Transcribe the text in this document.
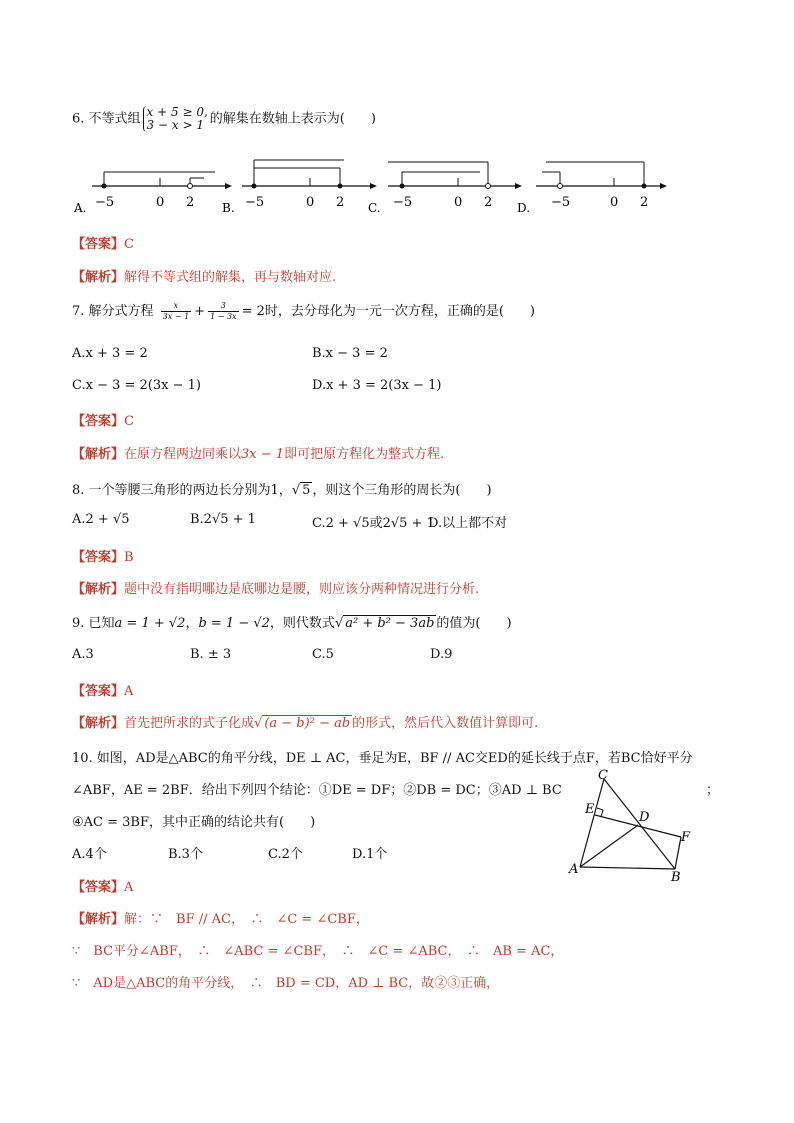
6. 不等式组 x + 5 ≥ 0,
3 − x > 1 的解集在数轴上表示为(　　)
A. −5	0 2 B. −5	0 2 C. −5	0 2 D. −5	0 2
【答案】C
【解析】解得不等式组的解集，再与数轴对应.
7. 解分式方程 $\frac{x}{3x - 1} + \frac{3}{1 - 3x} = 2$时，去分母化为一元一次方程，正确的是(　　)
A.x + 3 = 2	B.x − 3 = 2
C.x − 3 = 2(3x − 1)	D.x + 3 = 2(3x − 1)
【答案】C
【解析】在原方程两边同乘以3x − 1即可把原方程化为整式方程.
8. 一个等腰三角形的两边长分别为1，√ 5 ，则这个三角形的周长为(　　)
A.2 + √5	B.2√5 + 1	C.2 + √5或2√5 + 1
D.以上都不对
【答案】B
【解析】题中没有指明哪边是底哪边是腰，则应该分两种情况进行分析.
9. 已知a = 1 + √2，b = 1 − √2，则代数式√ a² + b² − 3ab 的值为(　　)
A.3	B. ± 3	C.5	D.9
【答案】A
【解析】首先把所求的式子化成√ (a − b)² − ab 的形式，然后代入数值计算即可.
10. 如图，AD是△ABC的角平分线，DE ⊥ AC，垂足为E，BF // AC交ED的延长线于点F，若BC恰好平分
∠ABF，AE = 2BF．给出下列四个结论：①DE = DF；②DB = DC；③AD ⊥ BC	；
④AC = 3BF，其中正确的结论共有(　　)
A.4个	B.3个	C.2个	D.1个
【答案】A
【解析】解：∵　BF // AC，　∴　∠C = ∠CBF，
∵　BC平分∠ABF，　∴　∠ABC = ∠CBF，　∴　∠C = ∠ABC，　∴　AB = AC，
∵　AD是△ABC的角平分线，　∴　BD = CD，AD ⊥ BC，故②③正确，
C
E
D
F
A
B
